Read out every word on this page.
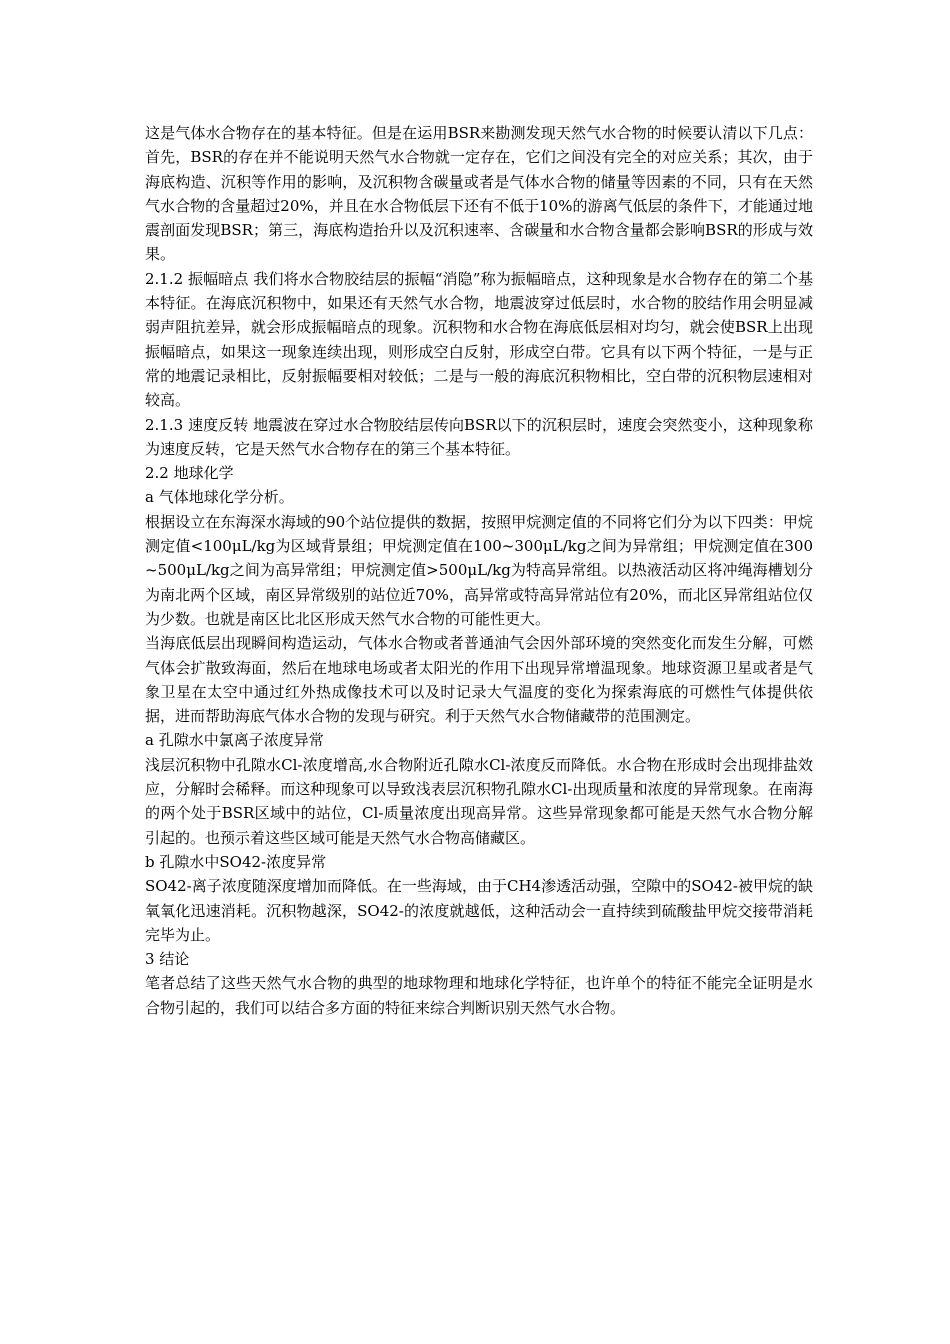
这是气体水合物存在的基本特征。但是在运用BSR来勘测发现天然气水合物的时候要认清以下几点：首先，BSR的存在并不能说明天然气水合物就一定存在，它们之间没有完全的对应关系；其次，由于海底构造、沉积等作用的影响，及沉积物含碳量或者是气体水合物的储量等因素的不同，只有在天然气水合物的含量超过20%，并且在水合物低层下还有不低于10%的游离气低层的条件下，才能通过地震剖面发现BSR；第三，海底构造抬升以及沉积速率、含碳量和水合物含量都会影响BSR的形成与效果。

2.1.2 振幅暗点 我们将水合物胶结层的振幅“消隐”称为振幅暗点，这种现象是水合物存在的第二个基本特征。在海底沉积物中，如果还有天然气水合物，地震波穿过低层时，水合物的胶结作用会明显减弱声阻抗差异，就会形成振幅暗点的现象。沉积物和水合物在海底低层相对均匀，就会使BSR上出现振幅暗点，如果这一现象连续出现，则形成空白反射，形成空白带。它具有以下两个特征，一是与正常的地震记录相比，反射振幅要相对较低；二是与一般的海底沉积物相比，空白带的沉积物层速相对较高。

2.1.3 速度反转 地震波在穿过水合物胶结层传向BSR以下的沉积层时，速度会突然变小，这种现象称为速度反转，它是天然气水合物存在的第三个基本特征。

2.2 地球化学

a 气体地球化学分析。

根据设立在东海深水海域的90个站位提供的数据，按照甲烷测定值的不同将它们分为以下四类：甲烷测定值<100μL/kg为区域背景组；甲烷测定值在100~300μL/kg之间为异常组；甲烷测定值在300~500μL/kg之间为高异常组；甲烷测定值>500μL/kg为特高异常组。以热液活动区将冲绳海槽划分为南北两个区域，南区异常级别的站位近70%，高异常或特高异常站位有20%，而北区异常组站位仅为少数。也就是南区比北区形成天然气水合物的可能性更大。

当海底低层出现瞬间构造运动，气体水合物或者普通油气会因外部环境的突然变化而发生分解，可燃气体会扩散致海面，然后在地球电场或者太阳光的作用下出现异常增温现象。地球资源卫星或者是气象卫星在太空中通过红外热成像技术可以及时记录大气温度的变化为探索海底的可燃性气体提供依据，进而帮助海底气体水合物的发现与研究。利于天然气水合物储藏带的范围测定。

a 孔隙水中氯离子浓度异常

浅层沉积物中孔隙水Cl-浓度增高,水合物附近孔隙水Cl-浓度反而降低。水合物在形成时会出现排盐效应，分解时会稀释。而这种现象可以导致浅表层沉积物孔隙水Cl-出现质量和浓度的异常现象。在南海的两个处于BSR区域中的站位，Cl-质量浓度出现高异常。这些异常现象都可能是天然气水合物分解引起的。也预示着这些区域可能是天然气水合物高储藏区。

b 孔隙水中SO42-浓度异常

SO42-离子浓度随深度增加而降低。在一些海域，由于CH4渗透活动强，空隙中的SO42-被甲烷的缺氧氧化迅速消耗。沉积物越深，SO42-的浓度就越低，这种活动会一直持续到硫酸盐甲烷交接带消耗完毕为止。

3 结论

笔者总结了这些天然气水合物的典型的地球物理和地球化学特征，也许单个的特征不能完全证明是水合物引起的，我们可以结合多方面的特征来综合判断识别天然气水合物。
